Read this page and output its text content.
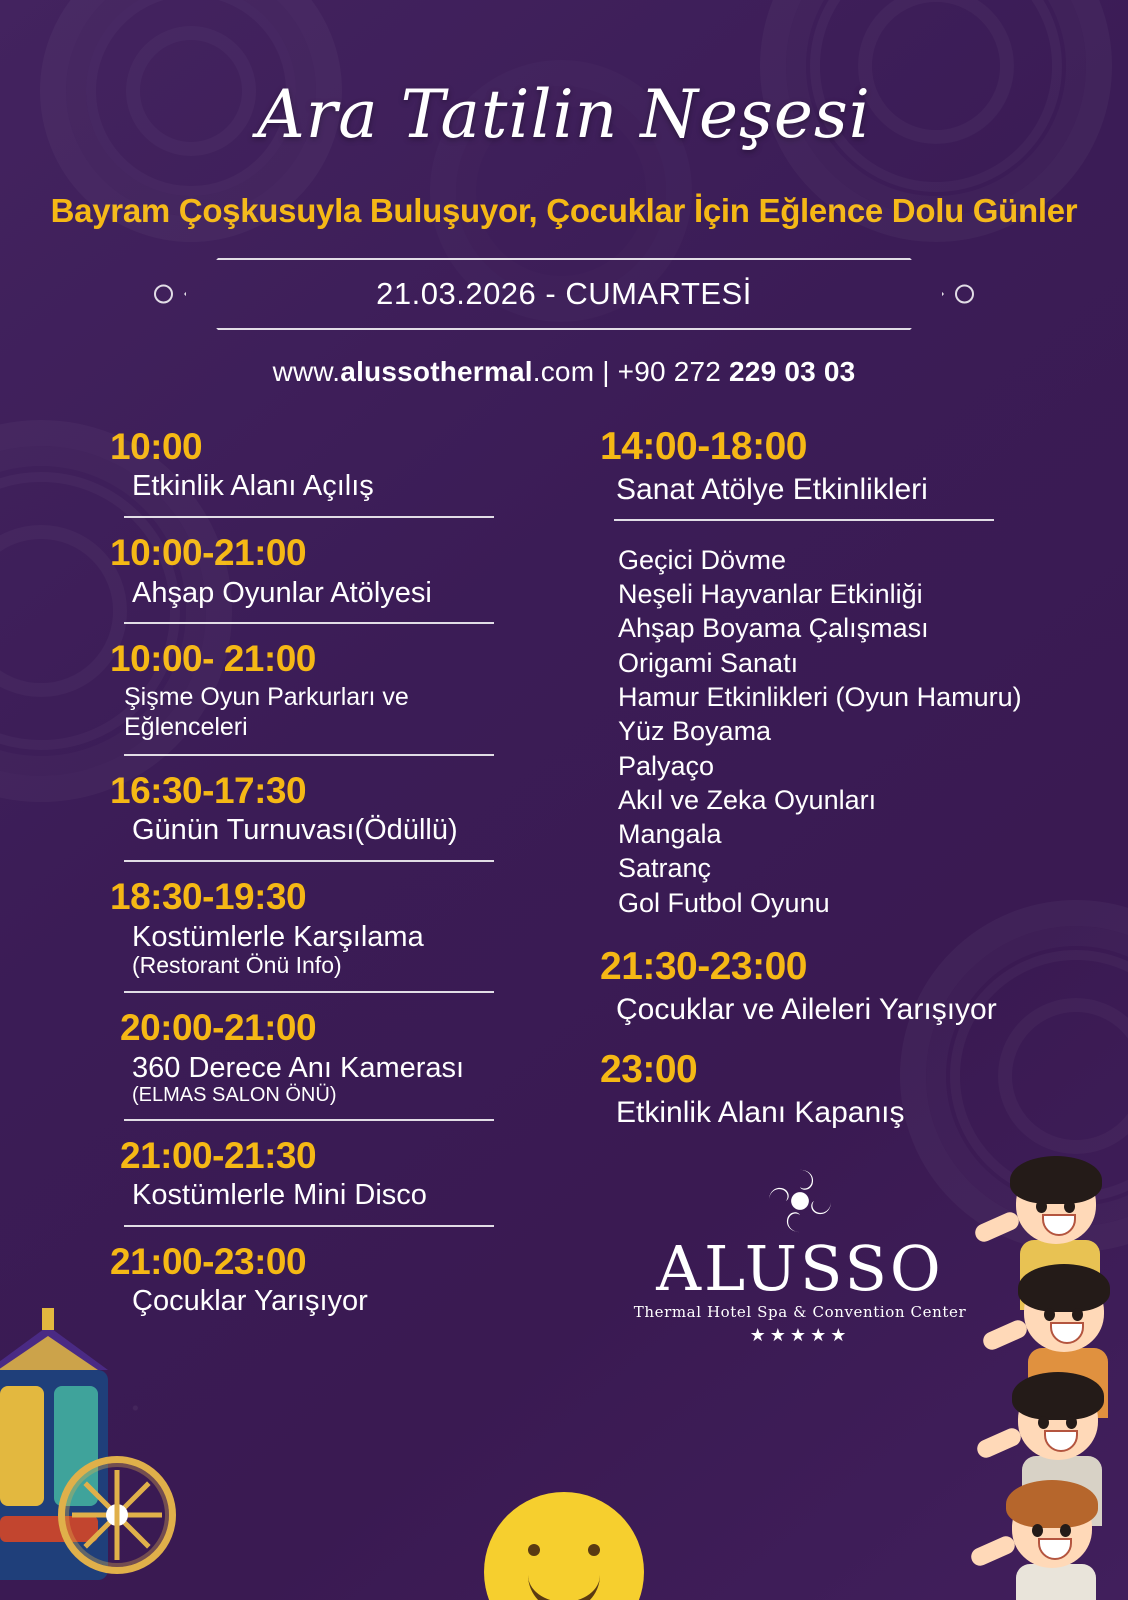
Ara Tatilin Neşesi
Bayram Çoşkusuyla Buluşuyor, Çocuklar İçin Eğlence Dolu Günler
21.03.2026 - CUMARTESİ
www.alussothermal.com | +90 272 229 03 03
10:00
Etkinlik Alanı Açılış
10:00-21:00
Ahşap Oyunlar Atölyesi
10:00- 21:00
Şişme Oyun Parkurları ve Eğlenceleri
16:30-17:30
Günün Turnuvası(Ödüllü)
18:30-19:30
Kostümlerle Karşılama
(Restorant Önü Info)
20:00-21:00
360 Derece Anı Kamerası
(ELMAS SALON ÖNÜ)
21:00-21:30
Kostümlerle Mini Disco
21:00-23:00
Çocuklar Yarışıyor
14:00-18:00
Sanat Atölye Etkinlikleri
Geçici Dövme
Neşeli Hayvanlar Etkinliği
Ahşap Boyama Çalışması
Origami Sanatı
Hamur Etkinlikleri (Oyun Hamuru)
Yüz Boyama
Palyaço
Akıl ve Zeka Oyunları
Mangala
Satranç
Gol Futbol Oyunu
21:30-23:00
Çocuklar ve Aileleri Yarışıyor
23:00
Etkinlik Alanı Kapanış
ALUSSO
Thermal Hotel Spa & Convention Center
★★★★★
